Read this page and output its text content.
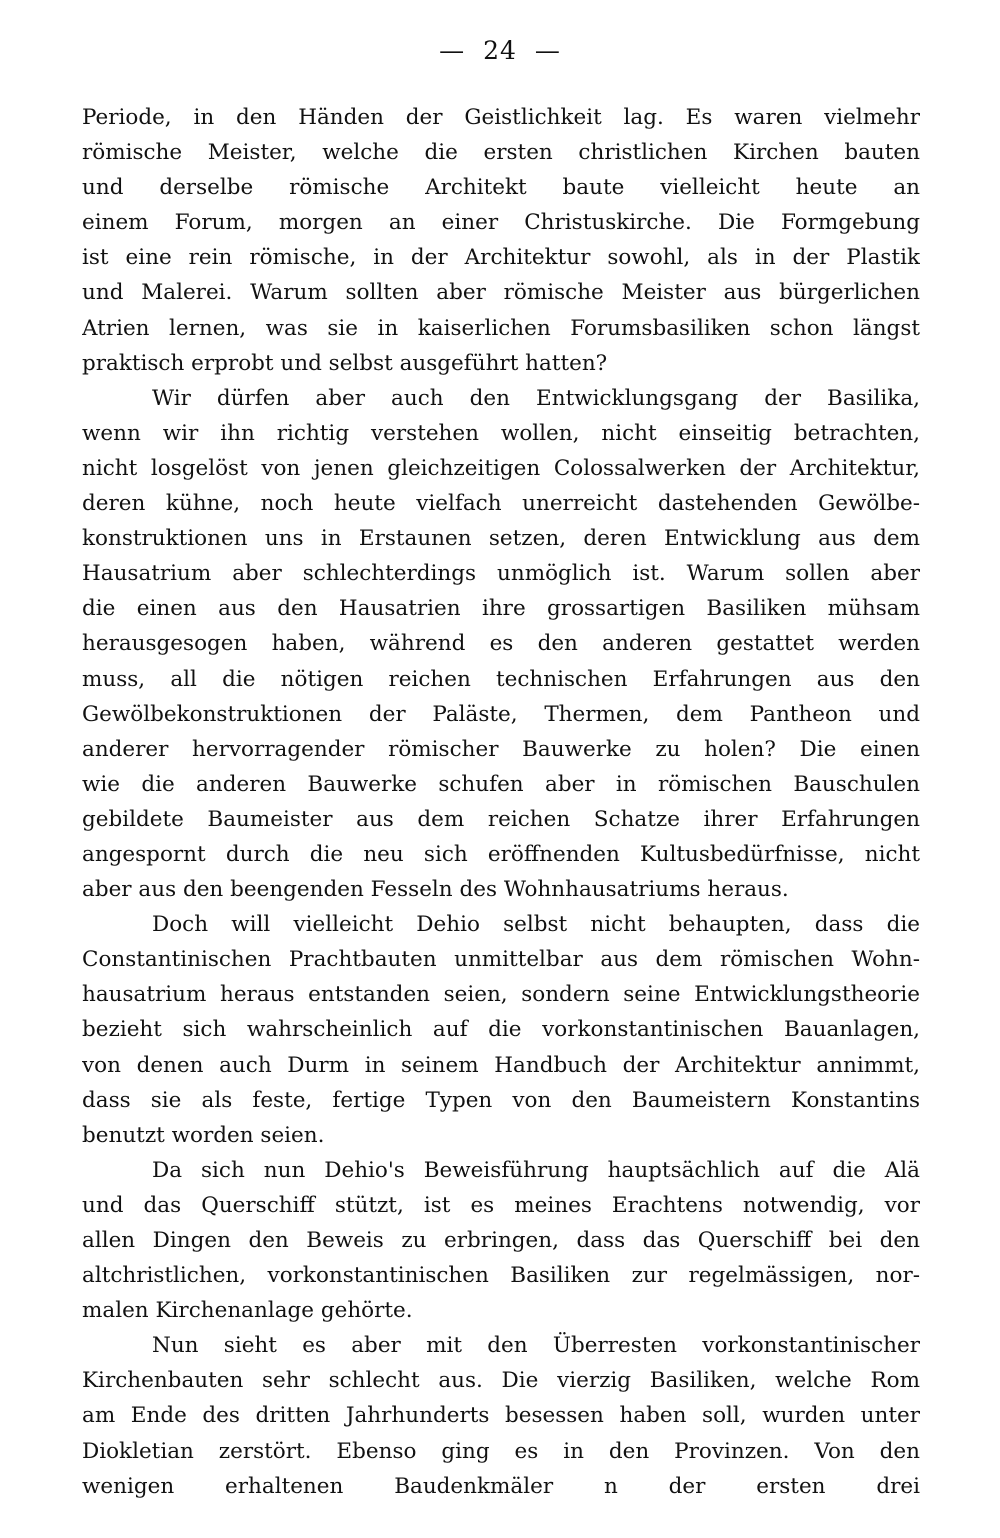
— 24 —
Periode, in den Händen der Geistlichkeit lag. Es waren vielmehr
römische Meister, welche die ersten christlichen Kirchen bauten
und derselbe römische Architekt baute vielleicht heute an
einem Forum, morgen an einer Christuskirche. Die Formgebung
ist eine rein römische, in der Architektur sowohl, als in der Plastik
und Malerei. Warum sollten aber römische Meister aus bürgerlichen
Atrien lernen, was sie in kaiserlichen Forumsbasiliken schon längst
praktisch erprobt und selbst ausgeführt hatten?
Wir dürfen aber auch den Entwicklungsgang der Basilika,
wenn wir ihn richtig verstehen wollen, nicht einseitig betrachten,
nicht losgelöst von jenen gleichzeitigen Colossalwerken der Architektur,
deren kühne, noch heute vielfach unerreicht dastehenden Gewölbe-
konstruktionen uns in Erstaunen setzen, deren Entwicklung aus dem
Hausatrium aber schlechterdings unmöglich ist. Warum sollen aber
die einen aus den Hausatrien ihre grossartigen Basiliken mühsam
herausgesogen haben, während es den anderen gestattet werden
muss, all die nötigen reichen technischen Erfahrungen aus den
Gewölbekonstruktionen der Paläste, Thermen, dem Pantheon und
anderer hervorragender römischer Bauwerke zu holen? Die einen
wie die anderen Bauwerke schufen aber in römischen Bauschulen
gebildete Baumeister aus dem reichen Schatze ihrer Erfahrungen
angespornt durch die neu sich eröffnenden Kultusbedürfnisse, nicht
aber aus den beengenden Fesseln des Wohnhausatriums heraus.
Doch will vielleicht Dehio selbst nicht behaupten, dass die
Constantinischen Prachtbauten unmittelbar aus dem römischen Wohn-
hausatrium heraus entstanden seien, sondern seine Entwicklungstheorie
bezieht sich wahrscheinlich auf die vorkonstantinischen Bauanlagen,
von denen auch Durm in seinem Handbuch der Architektur annimmt,
dass sie als feste, fertige Typen von den Baumeistern Konstantins
benutzt worden seien.
Da sich nun Dehio's Beweisführung hauptsächlich auf die Alä
und das Querschiff stützt, ist es meines Erachtens notwendig, vor
allen Dingen den Beweis zu erbringen, dass das Querschiff bei den
altchristlichen, vorkonstantinischen Basiliken zur regelmässigen, nor-
malen Kirchenanlage gehörte.
Nun sieht es aber mit den Überresten vorkonstantinischer
Kirchenbauten sehr schlecht aus. Die vierzig Basiliken, welche Rom
am Ende des dritten Jahrhunderts besessen haben soll, wurden unter
Diokletian zerstört. Ebenso ging es in den Provinzen. Von den
wenigen erhaltenen Baudenkmäler n der ersten drei
